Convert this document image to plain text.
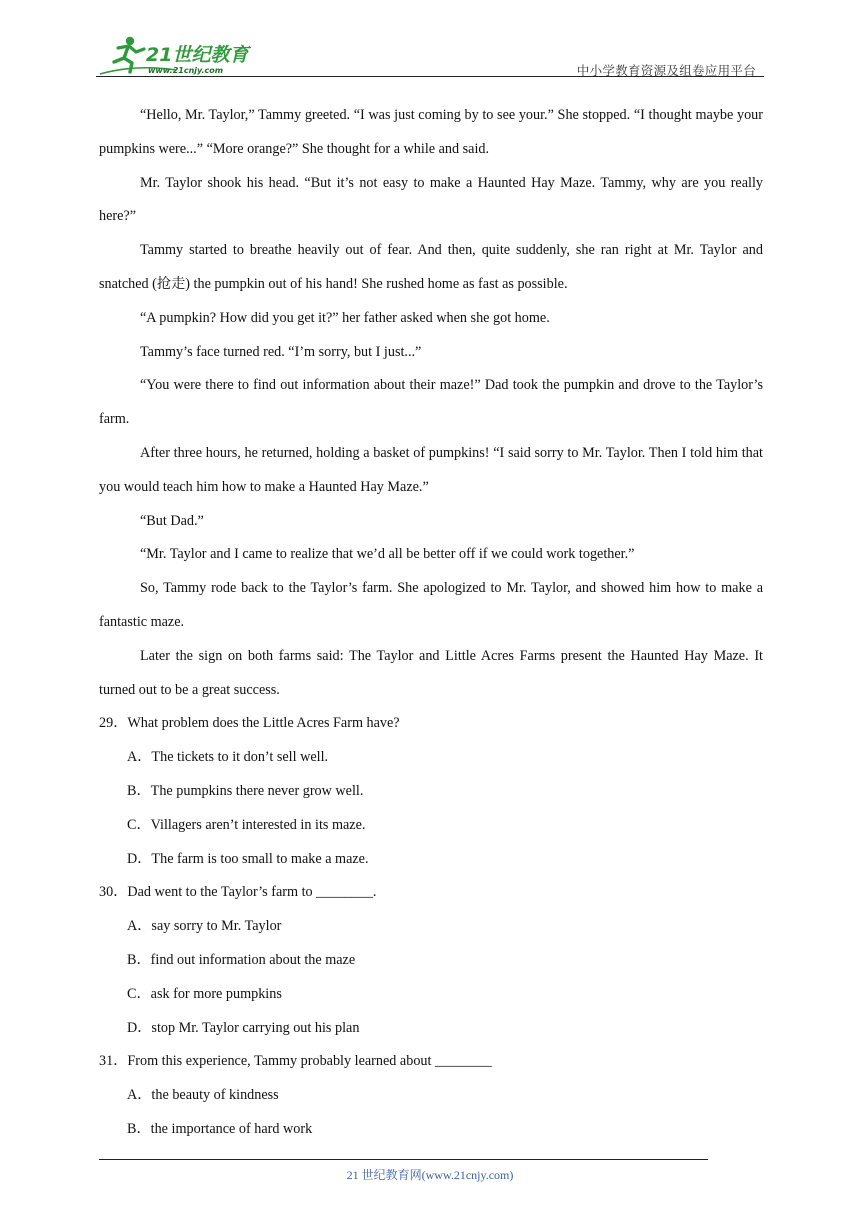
21世纪教育
www.21cnjy.com	中小学教育资源及组卷应用平台

“Hello, Mr. Taylor,” Tammy greeted. “I was just coming by to see your.” She stopped. “I thought maybe your pumpkins were...” “More orange?” She thought for a while and said.

Mr. Taylor shook his head. “But it’s not easy to make a Haunted Hay Maze. Tammy, why are you really here?”

Tammy started to breathe heavily out of fear. And then, quite suddenly, she ran right at Mr. Taylor and snatched (抢走) the pumpkin out of his hand! She rushed home as fast as possible.

“A pumpkin? How did you get it?” her father asked when she got home.

Tammy’s face turned red. “I’m sorry, but I just...”

“You were there to find out information about their maze!” Dad took the pumpkin and drove to the Taylor’s farm.

After three hours, he returned, holding a basket of pumpkins! “I said sorry to Mr. Taylor. Then I told him that you would teach him how to make a Haunted Hay Maze.”

“But Dad.”

“Mr. Taylor and I came to realize that we’d all be better off if we could work together.”

So, Tammy rode back to the Taylor’s farm. She apologized to Mr. Taylor, and showed him how to make a fantastic maze.

Later the sign on both farms said: The Taylor and Little Acres Farms present the Haunted Hay Maze. It turned out to be a great success.

29．What problem does the Little Acres Farm have?

A．The tickets to it don’t sell well.

B．The pumpkins there never grow well.

C．Villagers aren’t interested in its maze.

D．The farm is too small to make a maze.

30．Dad went to the Taylor’s farm to ________.

A．say sorry to Mr. Taylor

B．find out information about the maze

C．ask for more pumpkins

D．stop Mr. Taylor carrying out his plan

31．From this experience, Tammy probably learned about ________

A．the beauty of kindness

B．the importance of hard work

21 世纪教育网(www.21cnjy.com)
